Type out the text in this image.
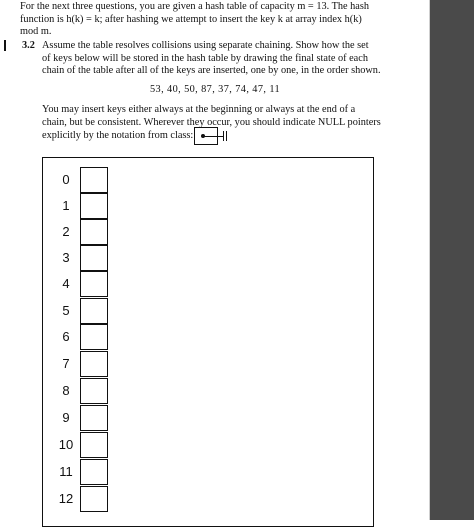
For the next three questions, you are given a hash table of capacity m = 13. The hash
function is h(k) = k; after hashing we attempt to insert the key k at array index h(k)
mod m.
3.2 Assume the table resolves collisions using separate chaining. Show how the set
of keys below will be stored in the hash table by drawing the final state of each
chain of the table after all of the keys are inserted, one by one, in the order shown.
53, 40, 50, 87, 37, 74, 47, 11
You may insert keys either always at the beginning or always at the end of a
chain, but be consistent. Wherever they occur, you should indicate NULL pointers
explicitly by the notation from class:
0
1
2
3
4
5
6
7
8
9
10
11
12
